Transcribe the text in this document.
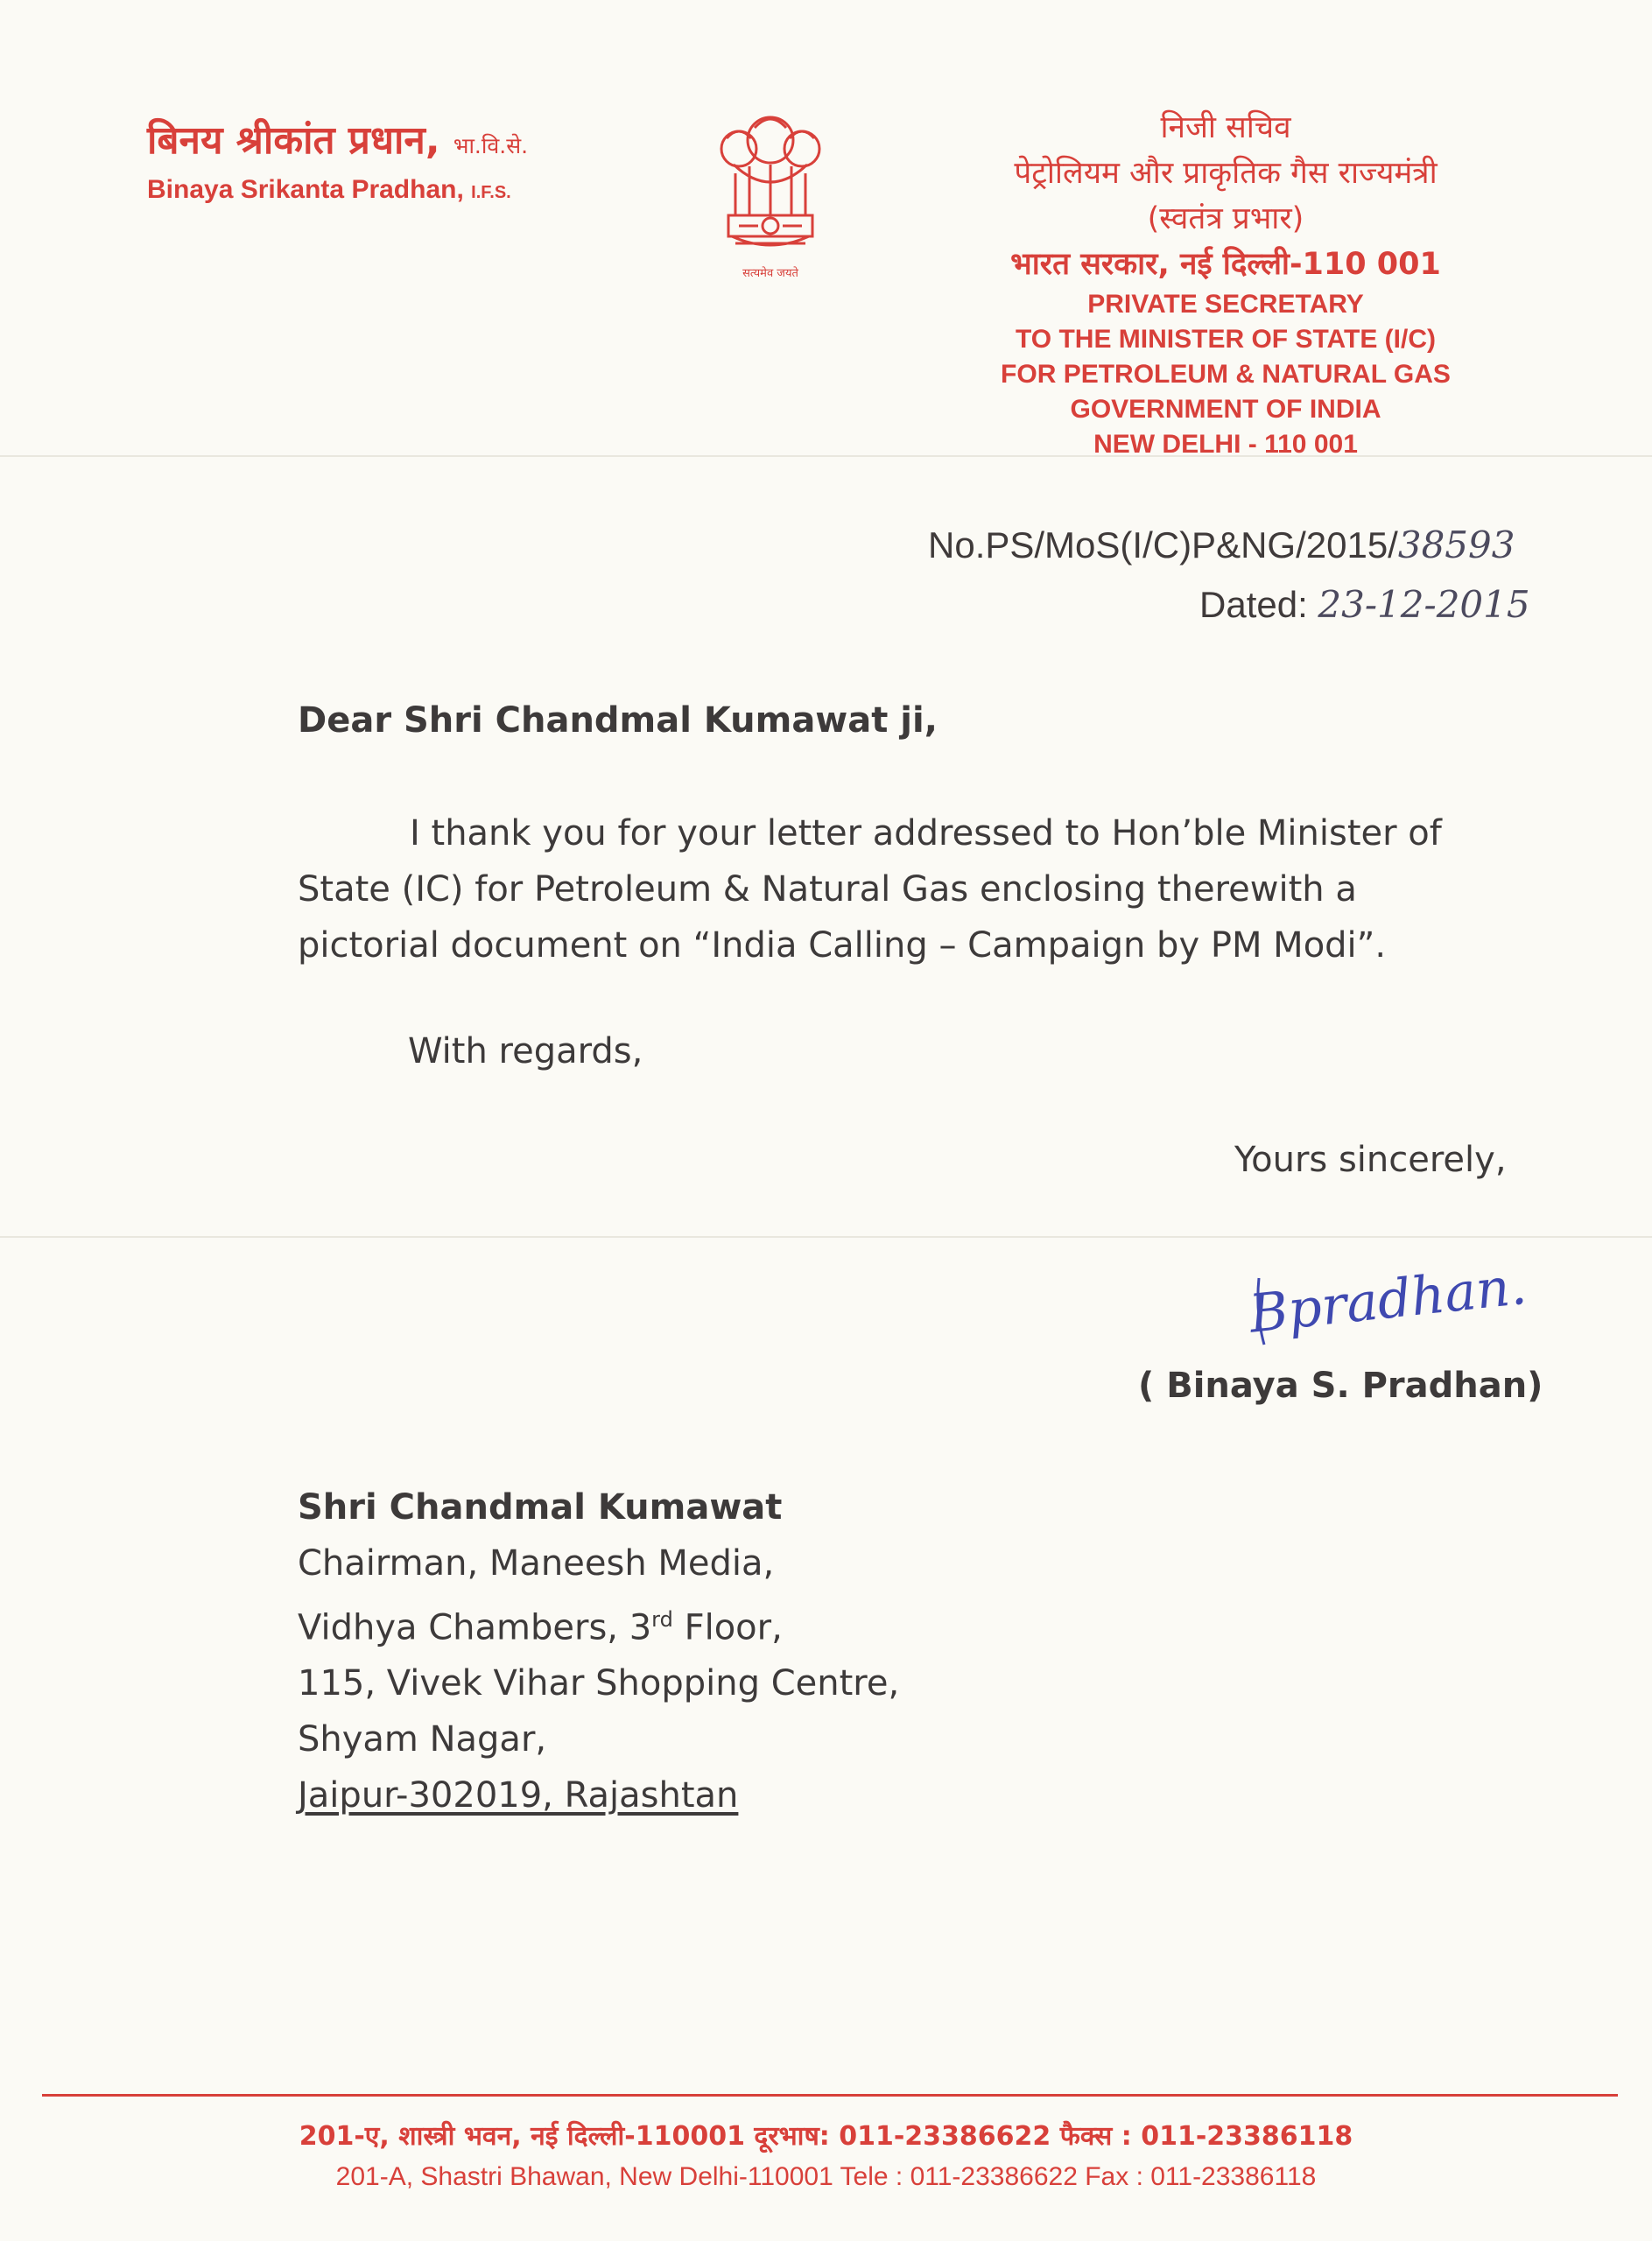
बिनय श्रीकांत प्रधान, भा.वि.से.
Binaya Srikanta Pradhan, I.F.S.
सत्यमेव जयते
निजी सचिव
पेट्रोलियम और प्राकृतिक गैस राज्यमंत्री
(स्वतंत्र प्रभार)
भारत सरकार, नई दिल्ली-110 001
PRIVATE SECRETARY
TO THE MINISTER OF STATE (I/C)
FOR PETROLEUM & NATURAL GAS
GOVERNMENT OF INDIA
NEW DELHI - 110 001
No.PS/MoS(I/C)P&NG/2015/38593
Dated: 23-12-2015
Dear Shri Chandmal Kumawat ji,
I thank you for your letter addressed to Hon’ble Minister of
State (IC) for Petroleum & Natural Gas enclosing therewith a
pictorial document on “India Calling – Campaign by PM Modi”.
With regards,
Yours sincerely,
Bpradhan.
( Binaya S. Pradhan)
Shri Chandmal Kumawat
Chairman, Maneesh Media,
Vidhya Chambers, 3rd Floor,
115, Vivek Vihar Shopping Centre,
Shyam Nagar,
Jaipur-302019, Rajashtan
201-ए, शास्त्री भवन, नई दिल्ली-110001 दूरभाष: 011-23386622 फैक्स : 011-23386118
201-A, Shastri Bhawan, New Delhi-110001 Tele : 011-23386622 Fax : 011-23386118
